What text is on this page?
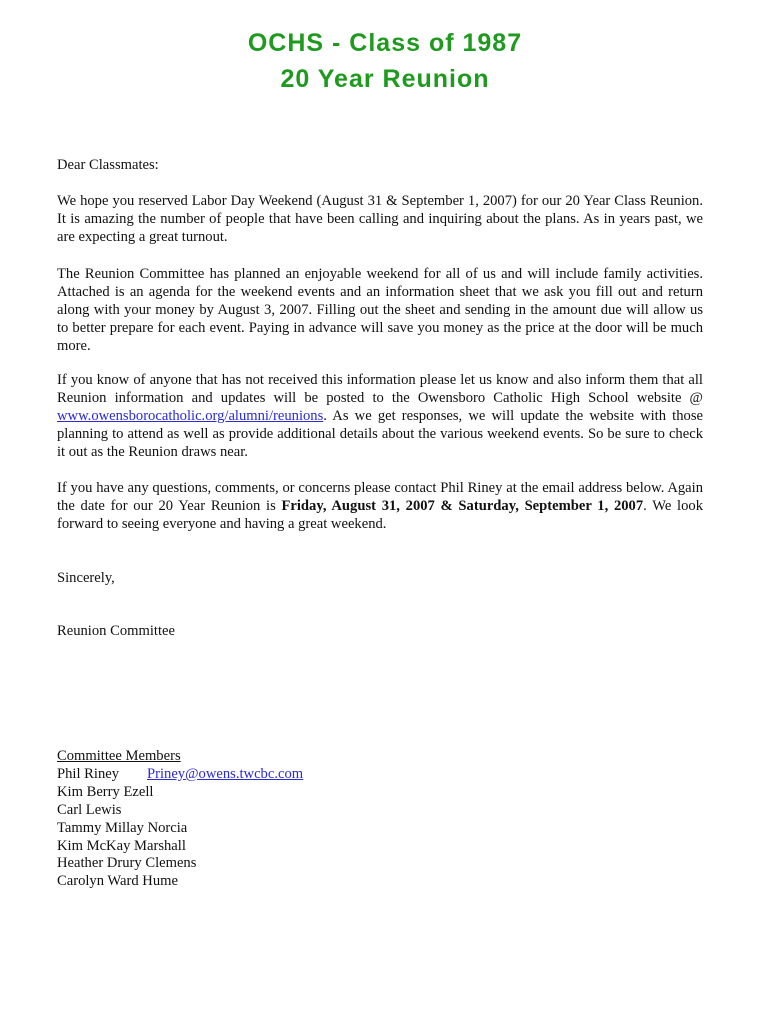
OCHS - Class of 1987
20 Year Reunion

Dear Classmates:

We hope you reserved Labor Day Weekend (August 31 & September 1, 2007) for our 20 Year Class Reunion. It is amazing the number of people that have been calling and inquiring about the plans. As in years past, we are expecting a great turnout.

The Reunion Committee has planned an enjoyable weekend for all of us and will include family activities. Attached is an agenda for the weekend events and an information sheet that we ask you fill out and return along with your money by August 3, 2007. Filling out the sheet and sending in the amount due will allow us to better prepare for each event. Paying in advance will save you money as the price at the door will be much more.

If you know of anyone that has not received this information please let us know and also inform them that all Reunion information and updates will be posted to the Owensboro Catholic High School website @ www.owensborocatholic.org/alumni/reunions. As we get responses, we will update the website with those planning to attend as well as provide additional details about the various weekend events. So be sure to check it out as the Reunion draws near.

If you have any questions, comments, or concerns please contact Phil Riney at the email address below. Again the date for our 20 Year Reunion is Friday, August 31, 2007 & Saturday, September 1, 2007. We look forward to seeing everyone and having a great weekend.

Sincerely,

Reunion Committee

Committee Members
Phil Riney Priney@owens.twcbc.com
Kim Berry Ezell
Carl Lewis
Tammy Millay Norcia
Kim McKay Marshall
Heather Drury Clemens
Carolyn Ward Hume
